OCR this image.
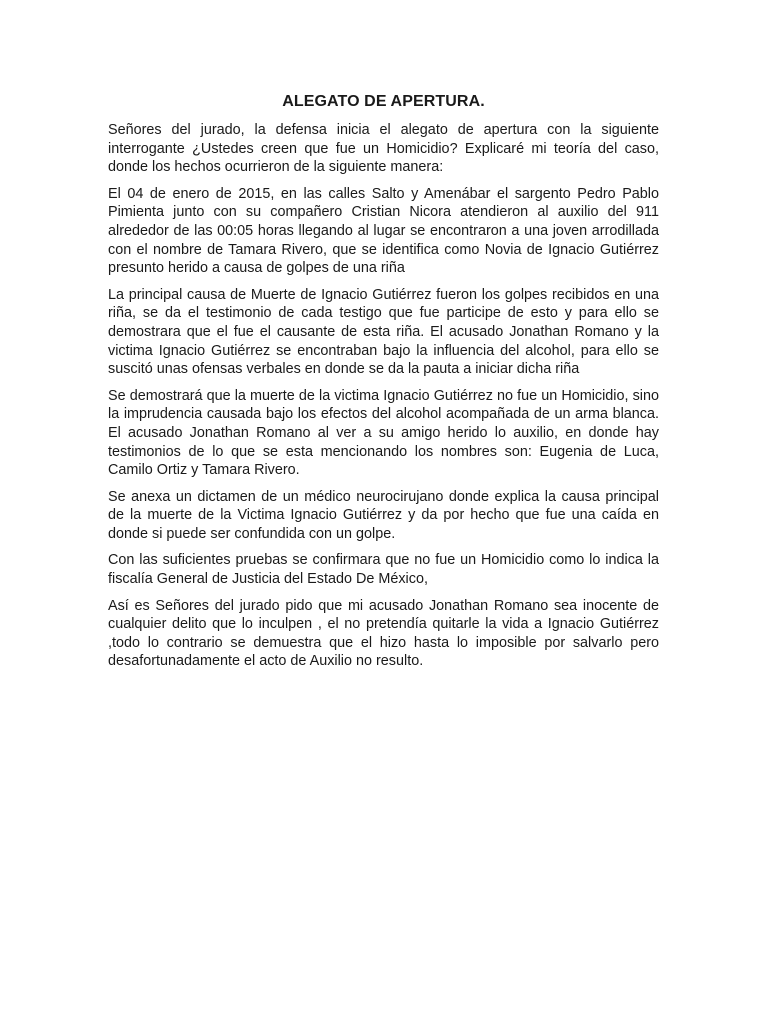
ALEGATO DE APERTURA.

Señores del jurado, la defensa inicia el alegato de apertura con la siguiente interrogante ¿Ustedes creen que fue un Homicidio? Explicaré mi teoría del caso, donde los hechos ocurrieron de la siguiente manera:

El 04 de enero de 2015, en las calles Salto y Amenábar el sargento Pedro Pablo Pimienta junto con su compañero Cristian Nicora atendieron al auxilio del 911 alrededor de las 00:05 horas llegando al lugar se encontraron a una joven arrodillada con el nombre de Tamara Rivero, que se identifica como Novia de Ignacio Gutiérrez presunto herido a causa de golpes de una riña

La principal causa de Muerte de Ignacio Gutiérrez fueron los golpes recibidos en una riña, se da el testimonio de cada testigo que fue participe de esto y para ello se demostrara que el fue el causante de esta riña. El acusado Jonathan Romano y la victima Ignacio Gutiérrez se encontraban bajo la influencia del alcohol, para ello se suscitó unas ofensas verbales en donde se da la pauta a iniciar dicha riña

Se demostrará que la muerte de la victima Ignacio Gutiérrez no fue un Homicidio, sino la imprudencia causada bajo los efectos del alcohol acompañada de un arma blanca. El acusado Jonathan Romano al ver a su amigo herido lo auxilio, en donde hay testimonios de lo que se esta mencionando los nombres son: Eugenia de Luca, Camilo Ortiz y Tamara Rivero.

Se anexa un dictamen de un médico neurocirujano donde explica la causa principal de la muerte de la Victima Ignacio Gutiérrez y da por hecho que fue una caída en donde si puede ser confundida con un golpe.

Con las suficientes pruebas se confirmara que no fue un Homicidio como lo indica la fiscalía General de Justicia del Estado De México,

Así es Señores del jurado pido que mi acusado Jonathan Romano sea inocente de cualquier delito que lo inculpen , el no pretendía quitarle la vida a Ignacio Gutiérrez ,todo lo contrario se demuestra que el hizo hasta lo imposible por salvarlo pero desafortunadamente el acto de Auxilio no resulto.
